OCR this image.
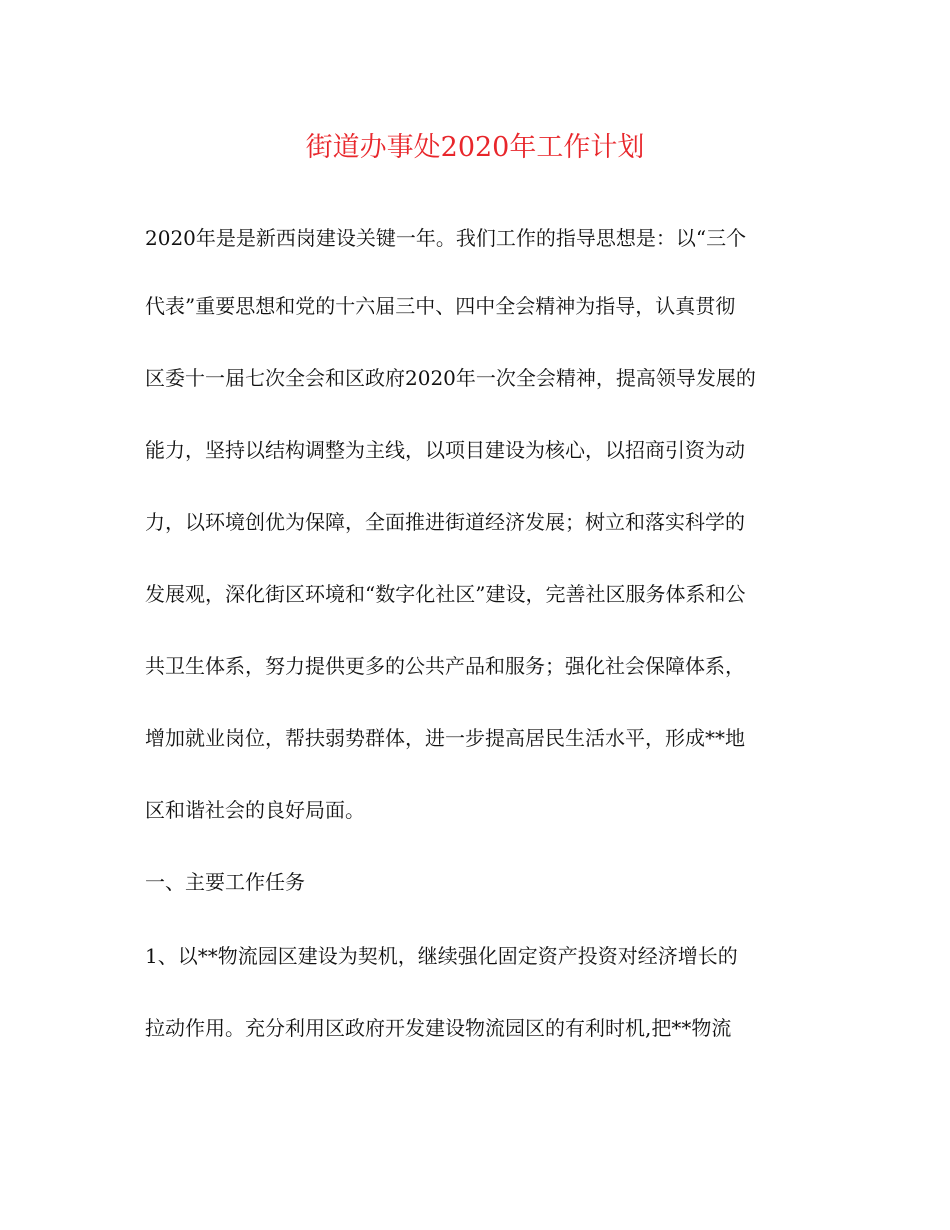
街道办事处2020年工作计划

2020年是是新西岗建设关键一年。我们工作的指导思想是：以“三个

代表”重要思想和党的十六届三中、四中全会精神为指导，认真贯彻

区委十一届七次全会和区政府2020年一次全会精神，提高领导发展的

能力，坚持以结构调整为主线，以项目建设为核心，以招商引资为动

力，以环境创优为保障，全面推进街道经济发展；树立和落实科学的

发展观，深化街区环境和“数字化社区”建设，完善社区服务体系和公

共卫生体系，努力提供更多的公共产品和服务；强化社会保障体系，

增加就业岗位，帮扶弱势群体，进一步提高居民生活水平，形成**地

区和谐社会的良好局面。

一、主要工作任务

1、以**物流园区建设为契机，继续强化固定资产投资对经济增长的

拉动作用。充分利用区政府开发建设物流园区的有利时机,把**物流
